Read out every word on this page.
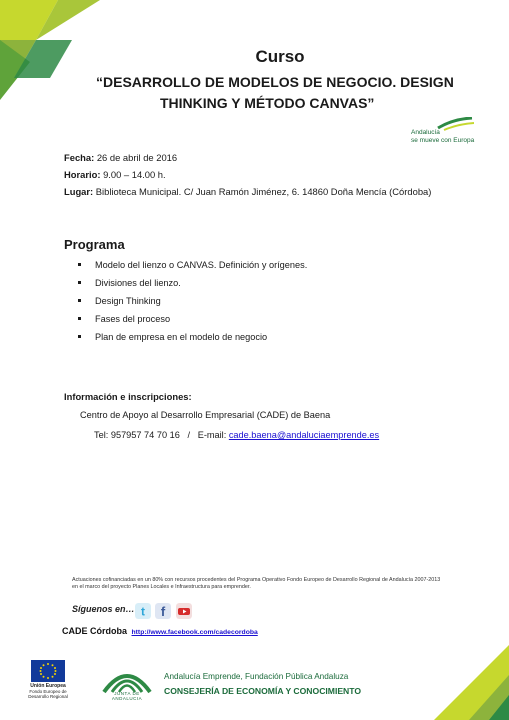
Curso
“DESARROLLO DE MODELOS DE NEGOCIO. DESIGN
THINKING Y MÉTODO CANVAS”
Andalucía
se mueve con Europa
Fecha: 26 de abril de 2016
Horario: 9.00 – 14.00 h.
Lugar: Biblioteca Municipal. C/ Juan Ramón Jiménez, 6. 14860 Doña Mencía (Córdoba)
Programa
Modelo del lienzo o CANVAS. Definición y orígenes.
Divisiones del lienzo.
Design Thinking
Fases del proceso
Plan de empresa en el modelo de negocio
Información e inscripciones:
Centro de Apoyo al Desarrollo Empresarial (CADE) de Baena
Tel: 957957 74 70 16   /   E-mail: cade.baena@andaluciaemprende.es
Actuaciones cofinanciadas en un 80% con recursos procedentes del Programa Operativo Fondo Europeo de Desarrollo Regional de Andalucía 2007-2013 en el marco del proyecto Planes Locales e Infraestructura para emprender.
Síguenos en… t f
CADE Córdoba http://www.facebook.com/cadecordoba
Unión Europea
Fondo Europeo de Desarrollo Regional
JUNTA DE ANDALUCIA
Andalucía Emprende, Fundación Pública Andaluza
CONSEJERÍA DE ECONOMÍA Y CONOCIMIENTO
